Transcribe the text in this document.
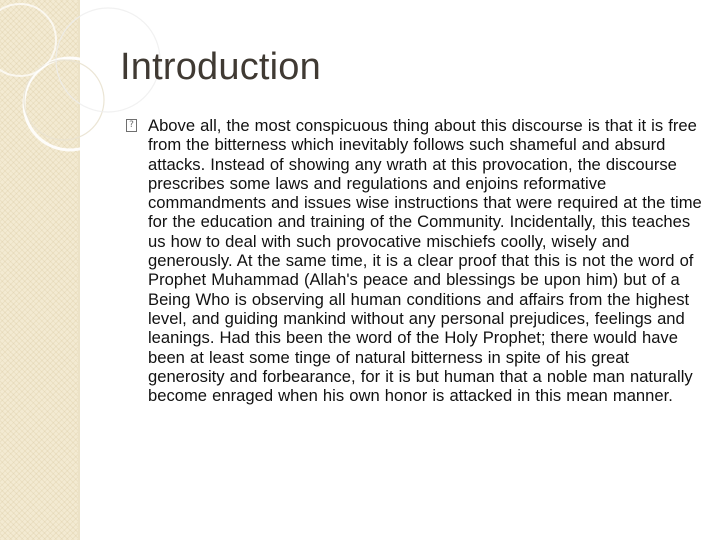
Introduction
? Above all, the most conspicuous thing about this discourse is that it is free from the bitterness which inevitably follows such shameful and absurd attacks. Instead of showing any wrath at this provocation, the discourse prescribes some laws and regulations and enjoins reformative commandments and issues wise instructions that were required at the time for the education and training of the Community. Incidentally, this teaches us how to deal with such provocative mischiefs coolly, wisely and generously. At the same time, it is a clear proof that this is not the word of Prophet Muhammad (Allah's peace and blessings be upon him) but of a Being Who is observing all human conditions and affairs from the highest level, and guiding mankind without any personal prejudices, feelings and leanings. Had this been the word of the Holy Prophet; there would have been at least some tinge of natural bitterness in spite of his great generosity and forbearance, for it is but human that a noble man naturally become enraged when his own honor is attacked in this mean manner.
